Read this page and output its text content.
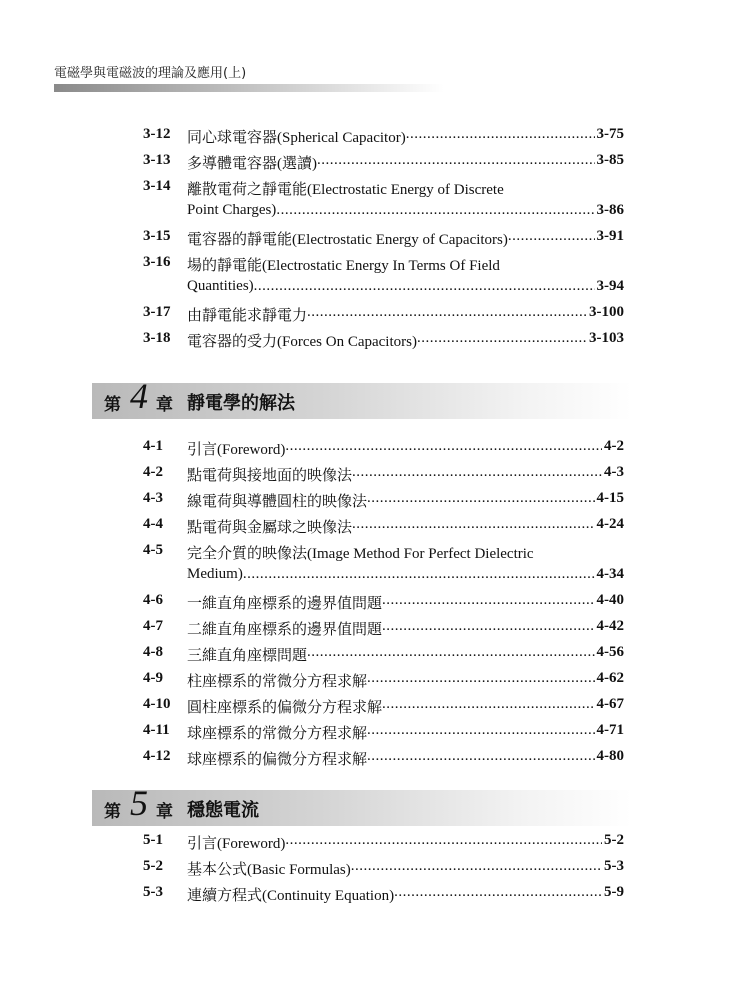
電磁學與電磁波的理論及應用(上)
3-12	同心球電容器(Spherical Capacitor) .....	3-75
3-13	多導體電容器(選讀) .....	3-85
3-14	離散電荷之靜電能(Electrostatic Energy of Discrete
Point Charges) .....	3-86
3-15	電容器的靜電能(Electrostatic Energy of Capacitors) .....	3-91
3-16	場的靜電能(Electrostatic Energy In Terms Of Field
Quantities) .....	3-94
3-17	由靜電能求靜電力 .....	3-100
3-18	電容器的受力(Forces On Capacitors) .....	3-103
第 4 章 靜電學的解法
4-1	引言(Foreword) .....	4-2
4-2	點電荷與接地面的映像法 .....	4-3
4-3	線電荷與導體圓柱的映像法 .....	4-15
4-4	點電荷與金屬球之映像法 .....	4-24
4-5	完全介質的映像法(Image Method For Perfect Dielectric
Medium) .....	4-34
4-6	一維直角座標系的邊界值問題 .....	4-40
4-7	二維直角座標系的邊界值問題 .....	4-42
4-8	三維直角座標問題 .....	4-56
4-9	柱座標系的常微分方程求解 .....	4-62
4-10	圓柱座標系的偏微分方程求解 .....	4-67
4-11	球座標系的常微分方程求解 .....	4-71
4-12	球座標系的偏微分方程求解 .....	4-80
第 5 章 穩態電流
5-1	引言(Foreword) .....	5-2
5-2	基本公式(Basic Formulas) .....	5-3
5-3	連續方程式(Continuity Equation) .....	5-9
